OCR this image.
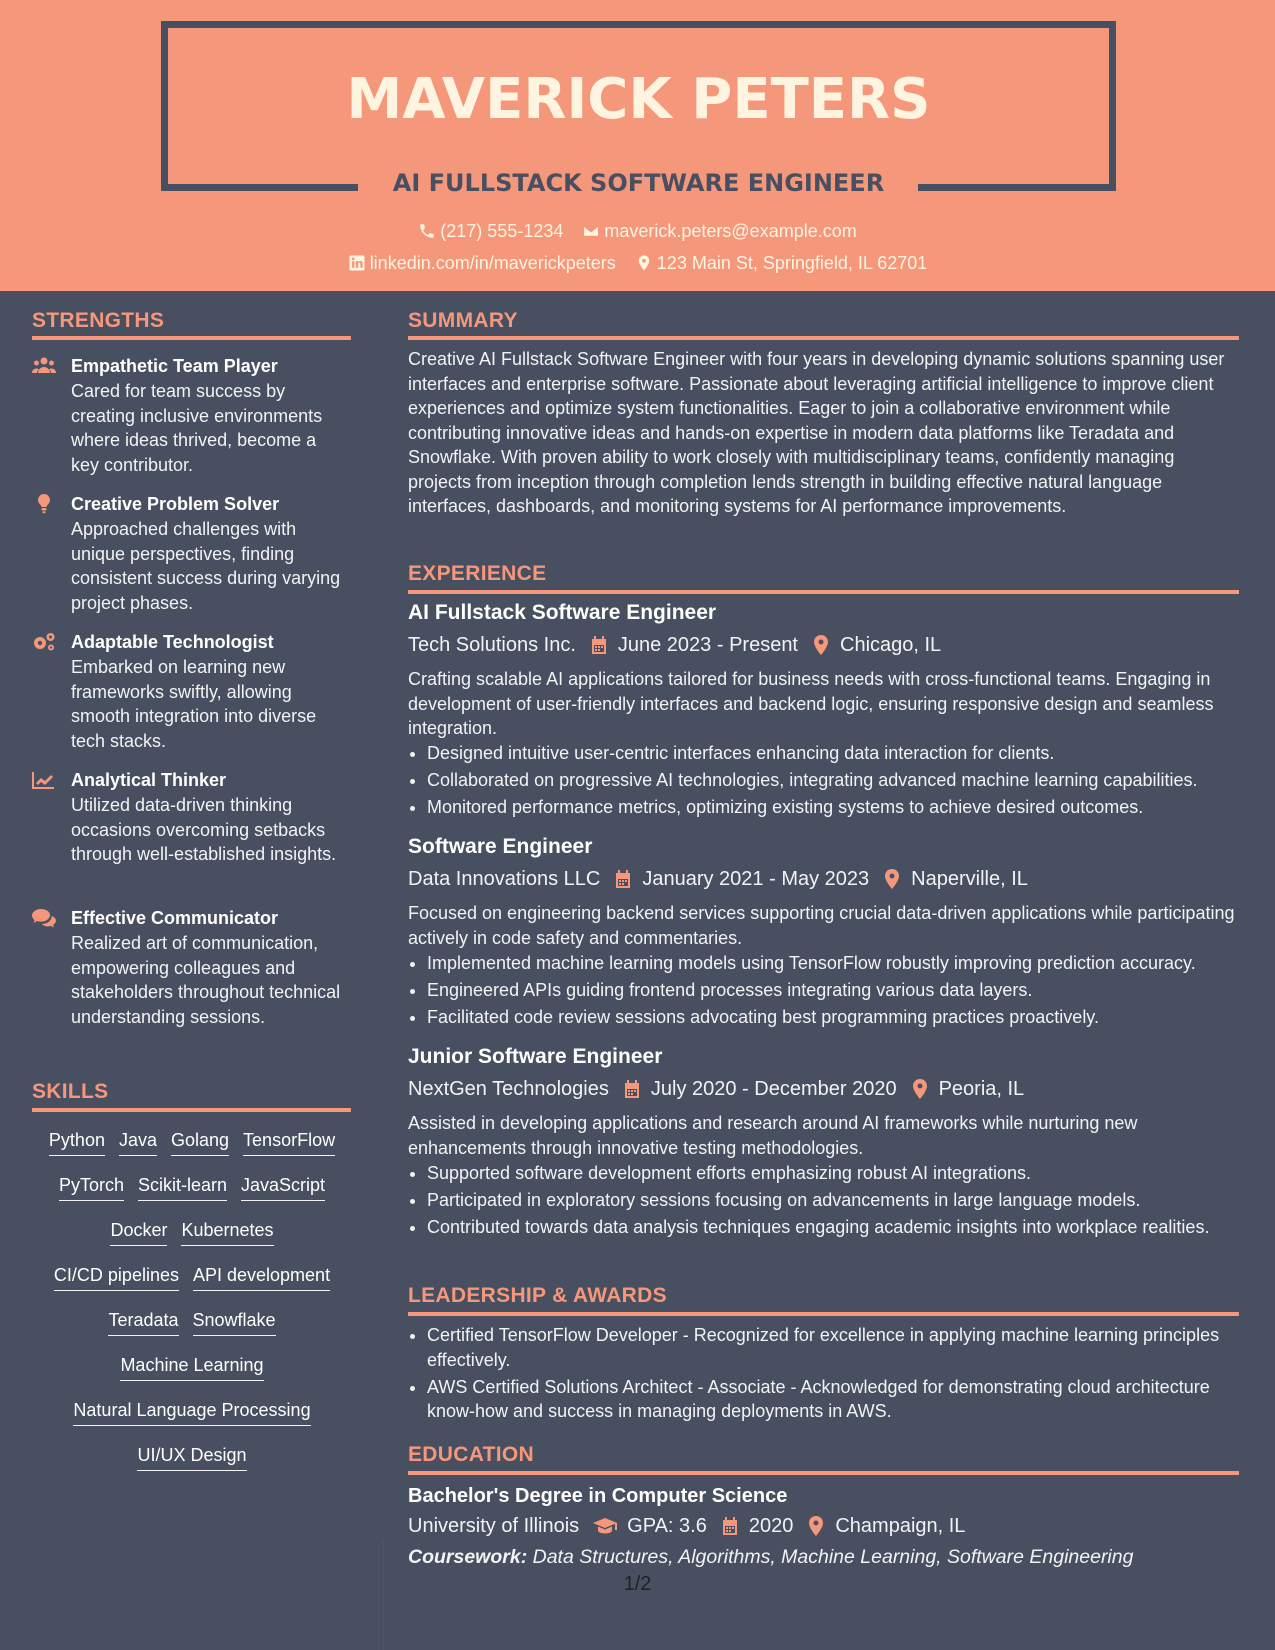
MAVERICK PETERS
AI FULLSTACK SOFTWARE ENGINEER
(217) 555-1234
maverick.peters@example.com
linkedin.com/in/maverickpeters
123 Main St, Springfield, IL 62701
STRENGTHS
Empathetic Team Player
Cared for team success by creating inclusive environments where ideas thrived, become a key contributor.
Creative Problem Solver
Approached challenges with unique perspectives, finding consistent success during varying project phases.
Adaptable Technologist
Embarked on learning new frameworks swiftly, allowing smooth integration into diverse tech stacks.
Analytical Thinker
Utilized data-driven thinking occasions overcoming setbacks through well-established insights.
Effective Communicator
Realized art of communication, empowering colleagues and stakeholders throughout technical understanding sessions.
SKILLS
Python Java Golang TensorFlow
PyTorch Scikit-learn JavaScript
Docker Kubernetes
CI/CD pipelines API development
Teradata Snowflake
Machine Learning
Natural Language Processing
UI/UX Design
SUMMARY
Creative AI Fullstack Software Engineer with four years in developing dynamic solutions spanning user interfaces and enterprise software. Passionate about leveraging artificial intelligence to improve client experiences and optimize system functionalities. Eager to join a collaborative environment while contributing innovative ideas and hands-on expertise in modern data platforms like Teradata and Snowflake. With proven ability to work closely with multidisciplinary teams, confidently managing projects from inception through completion lends strength in building effective natural language interfaces, dashboards, and monitoring systems for AI performance improvements.
EXPERIENCE
AI Fullstack Software Engineer
Tech Solutions Inc. June 2023 - Present Chicago, IL
Crafting scalable AI applications tailored for business needs with cross-functional teams. Engaging in development of user-friendly interfaces and backend logic, ensuring responsive design and seamless integration.
• Designed intuitive user-centric interfaces enhancing data interaction for clients.
• Collaborated on progressive AI technologies, integrating advanced machine learning capabilities.
• Monitored performance metrics, optimizing existing systems to achieve desired outcomes.
Software Engineer
Data Innovations LLC January 2021 - May 2023 Naperville, IL
Focused on engineering backend services supporting crucial data-driven applications while participating actively in code safety and commentaries.
• Implemented machine learning models using TensorFlow robustly improving prediction accuracy.
• Engineered APIs guiding frontend processes integrating various data layers.
• Facilitated code review sessions advocating best programming practices proactively.
Junior Software Engineer
NextGen Technologies July 2020 - December 2020 Peoria, IL
Assisted in developing applications and research around AI frameworks while nurturing new enhancements through innovative testing methodologies.
• Supported software development efforts emphasizing robust AI integrations.
• Participated in exploratory sessions focusing on advancements in large language models.
• Contributed towards data analysis techniques engaging academic insights into workplace realities.
LEADERSHIP & AWARDS
• Certified TensorFlow Developer - Recognized for excellence in applying machine learning principles effectively.
• AWS Certified Solutions Architect - Associate - Acknowledged for demonstrating cloud architecture know-how and success in managing deployments in AWS.
EDUCATION
Bachelor's Degree in Computer Science
University of Illinois GPA: 3.6 2020 Champaign, IL
Coursework: Data Structures, Algorithms, Machine Learning, Software Engineering
1/2
